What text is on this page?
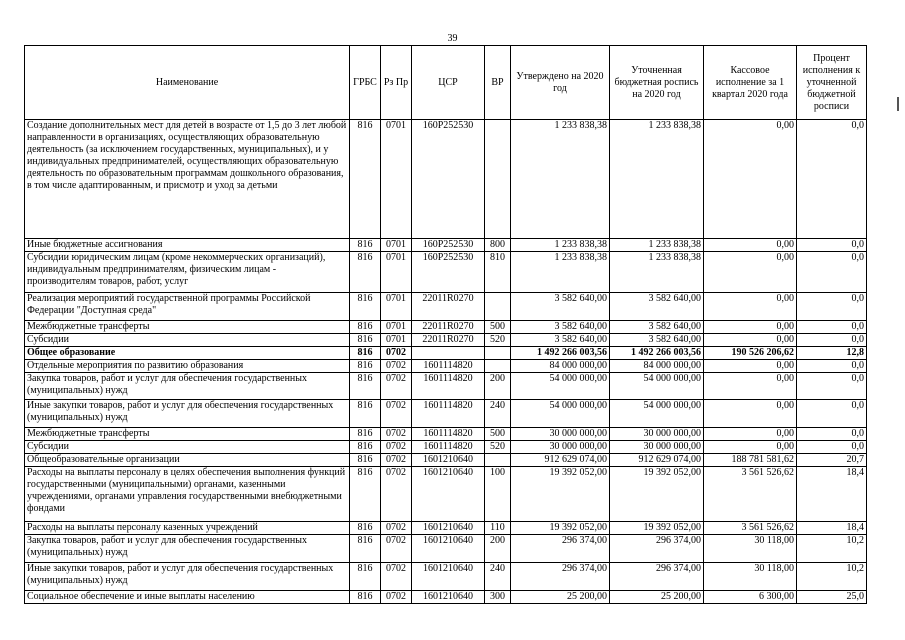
39
Наименование	ГРБС	Рз Пр	ЦСР	ВР	Утверждено на 2020 год	Уточненная бюджетная роспись на 2020 год	Кассовое исполнение за 1 квартал 2020 года	Процент исполнения к уточненной бюджетной росписи
Создание дополнительных мест для детей в возрасте от 1,5 до 3 лет любой направленности в организациях, осуществляющих образовательную деятельность (за исключением государственных, муниципальных), и у индивидуальных предпринимателей, осуществляющих образовательную деятельность по образовательным программам дошкольного образования, в том числе адаптированным, и присмотр и уход за детьми	816	0701	160P252530		1 233 838,38	1 233 838,38	0,00	0,0
Иные бюджетные ассигнования	816	0701	160P252530	800	1 233 838,38	1 233 838,38	0,00	0,0
Субсидии юридическим лицам (кроме некоммерческих организаций), индивидуальным предпринимателям, физическим лицам - производителям товаров, работ, услуг	816	0701	160P252530	810	1 233 838,38	1 233 838,38	0,00	0,0
Реализация мероприятий государственной программы Российской Федерации "Доступная среда"	816	0701	22011R0270		3 582 640,00	3 582 640,00	0,00	0,0
Межбюджетные трансферты	816	0701	22011R0270	500	3 582 640,00	3 582 640,00	0,00	0,0
Субсидии	816	0701	22011R0270	520	3 582 640,00	3 582 640,00	0,00	0,0
Общее образование	816	0702			1 492 266 003,56	1 492 266 003,56	190 526 206,62	12,8
Отдельные мероприятия по развитию образования	816	0702	1601114820		84 000 000,00	84 000 000,00	0,00	0,0
Закупка товаров, работ и услуг для обеспечения государственных (муниципальных) нужд	816	0702	1601114820	200	54 000 000,00	54 000 000,00	0,00	0,0
Иные закупки товаров, работ и услуг для обеспечения государственных (муниципальных) нужд	816	0702	1601114820	240	54 000 000,00	54 000 000,00	0,00	0,0
Межбюджетные трансферты	816	0702	1601114820	500	30 000 000,00	30 000 000,00	0,00	0,0
Субсидии	816	0702	1601114820	520	30 000 000,00	30 000 000,00	0,00	0,0
Общеобразовательные организации	816	0702	1601210640		912 629 074,00	912 629 074,00	188 781 581,62	20,7
Расходы на выплаты персоналу в целях обеспечения выполнения функций государственными (муниципальными) органами, казенными учреждениями, органами управления государственными внебюджетными фондами	816	0702	1601210640	100	19 392 052,00	19 392 052,00	3 561 526,62	18,4
Расходы на выплаты персоналу казенных учреждений	816	0702	1601210640	110	19 392 052,00	19 392 052,00	3 561 526,62	18,4
Закупка товаров, работ и услуг для обеспечения государственных (муниципальных) нужд	816	0702	1601210640	200	296 374,00	296 374,00	30 118,00	10,2
Иные закупки товаров, работ и услуг для обеспечения государственных (муниципальных) нужд	816	0702	1601210640	240	296 374,00	296 374,00	30 118,00	10,2
Социальное обеспечение и иные выплаты населению	816	0702	1601210640	300	25 200,00	25 200,00	6 300,00	25,0
